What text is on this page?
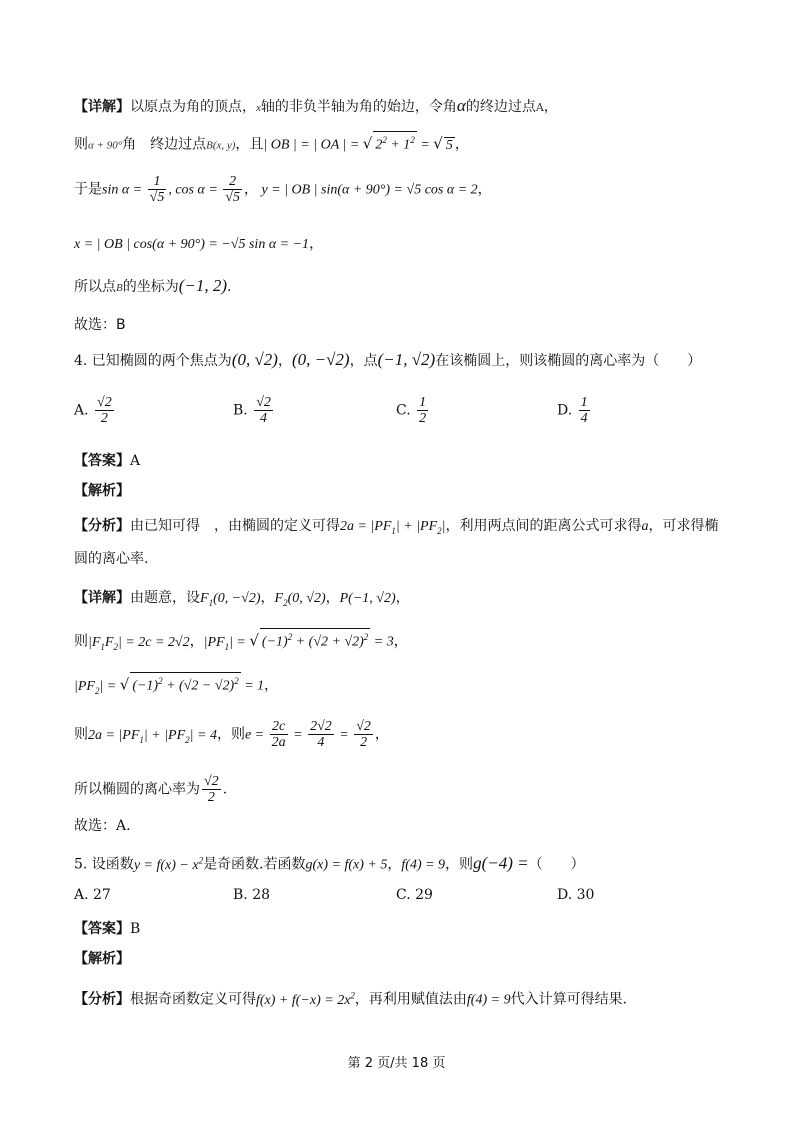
【详解】以原点为角的顶点，x轴的非负半轴为角的始边，令角α的终边过点A，
则α + 90°角　终边过点B(x, y)，且| OB | = | OA | = √ $2^2 + 1^2$ = √ 5 ，
于是$\sin \alpha = \frac{1}{√5}$ , $\cos \alpha = \frac{2}{√5}$ ， y = | OB | sin(α + 90°) = √5 cos α = 2，
x = | OB | cos(α + 90°) = −√5 sin α = −1，
所以点B的坐标为(−1, 2).
故选：B
4. 已知椭圆的两个焦点为(0, √2)，(0, −√2)，点(−1, √2)在该椭圆上，则该椭圆的离心率为（　　）
A. $\frac{√2}{2}$	B. $\frac{√2}{4}$	C. $\frac{1}{2}$	D. $\frac{1}{4}$
【答案】A
【解析】
【分析】由已知可得　，由椭圆的定义可得$2a = |PF_1| + |PF_2|$，利用两点间的距离公式可求得a，可求得椭
圆的离心率.
【详解】由题意，设$F_1(0$, −√2)，$F_2(0$, √2)，P(−1, √2)，
则$|F_1F_2| = 2c = 2√2$，$|PF_1|$ = √ $(-1)^2 + (√2 + √2)^2 = 3$，
$|PF_2|$ = √ $(-1)^2 + (√2 - √2)^2 = 1$，
则$2a = |PF_1| + |PF_2| = 4$，则$e = \frac{2c}{2a} = \frac{2√2}{4} = \frac{√2}{2}$ ，
所以椭圆的离心率为 $\frac{√2}{2}$ .
故选：A.
5. 设函数$y = f(x) - x^2$是奇函数.若函数g(x) = f(x) + 5，f(4) = 9，则g(−4) =（　　）
A. 27	B. 28	C. 29	D. 30
【答案】B
【解析】
【分析】根据奇函数定义可得$f(x) + f(-x) = 2x^2$，再利用赋值法由f(4) = 9代入计算可得结果.
第 2 页/共 18 页
